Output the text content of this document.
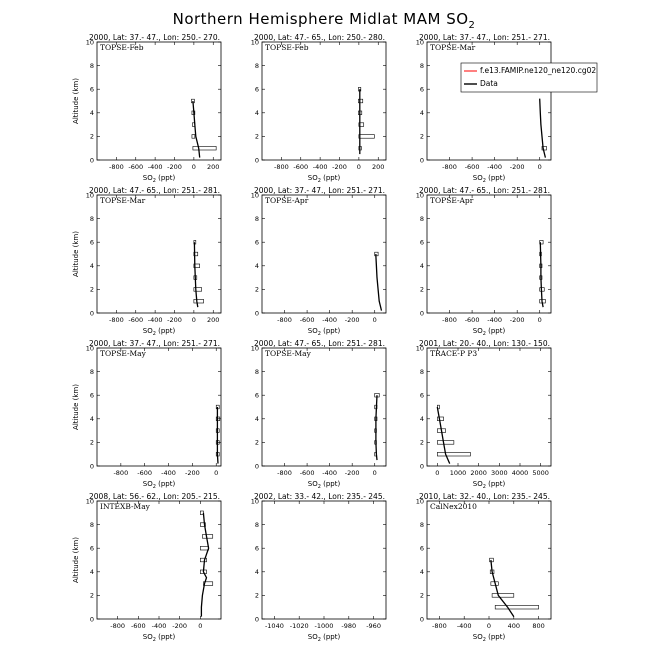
Northern Hemisphere Midlat MAM $SO_2$
2000, Lat: 37.- 47., Lon: 250.- 270.
TOPSE-Feb
0
2
4
6
8
10
-800 -600 -400 -200 0 200
$SO_2$ (ppt)
Altitude (km)
2000, Lat: 47.- 65., Lon: 250.- 280.
TOPSE-Feb
0
2
4
6
8
10
-800 -600 -400 -200 0 200
$SO_2$ (ppt)
2000, Lat: 37.- 47., Lon: 251.- 271.
TOPSE-Mar
0
2
4
6
8
10
-800 -600 -400 -200 0
$SO_2$ (ppt)
f.e13.FAMIP.ne120_ne120.cg02
Data
2000, Lat: 47.- 65., Lon: 251.- 281.
TOPSE-Mar
0
2
4
6
8
10
-800 -600 -400 -200 0 200
$SO_2$ (ppt)
Altitude (km)
2000, Lat: 37.- 47., Lon: 251.- 271.
TOPSE-Apr
0
2
4
6
8
10
-800 -600 -400 -200 0
$SO_2$ (ppt)
2000, Lat: 47.- 65., Lon: 251.- 281.
TOPSE-Apr
0
2
4
6
8
10
-800 -600 -400 -200 0
$SO_2$ (ppt)
2000, Lat: 37.- 47., Lon: 251.- 271.
TOPSE-May
0
2
4
6
8
10
-800 -600 -400 -200 0
$SO_2$ (ppt)
Altitude (km)
2000, Lat: 47.- 65., Lon: 251.- 281.
TOPSE-May
0
2
4
6
8
10
-800 -600 -400 -200 0
$SO_2$ (ppt)
2001, Lat: 20.- 40., Lon: 130.- 150.
TRACE-P P3
0
2
4
6
8
10
0 1000 2000 3000 4000 5000
$SO_2$ (ppt)
2008, Lat: 56.- 62., Lon: 205.- 215.
INTEXB-May
0
2
4
6
8
10
-800 -600 -400 -200 0
$SO_2$ (ppt)
Altitude (km)
2002, Lat: 33.- 42., Lon: 235.- 245.
0
2
4
6
8
10
-1040 -1020 -1000 -980 -960
$SO_2$ (ppt)
2010, Lat: 32.- 40., Lon: 235.- 245.
CalNex2010
0
2
4
6
8
10
-800 -400 0	400 800
$SO_2$ (ppt)
